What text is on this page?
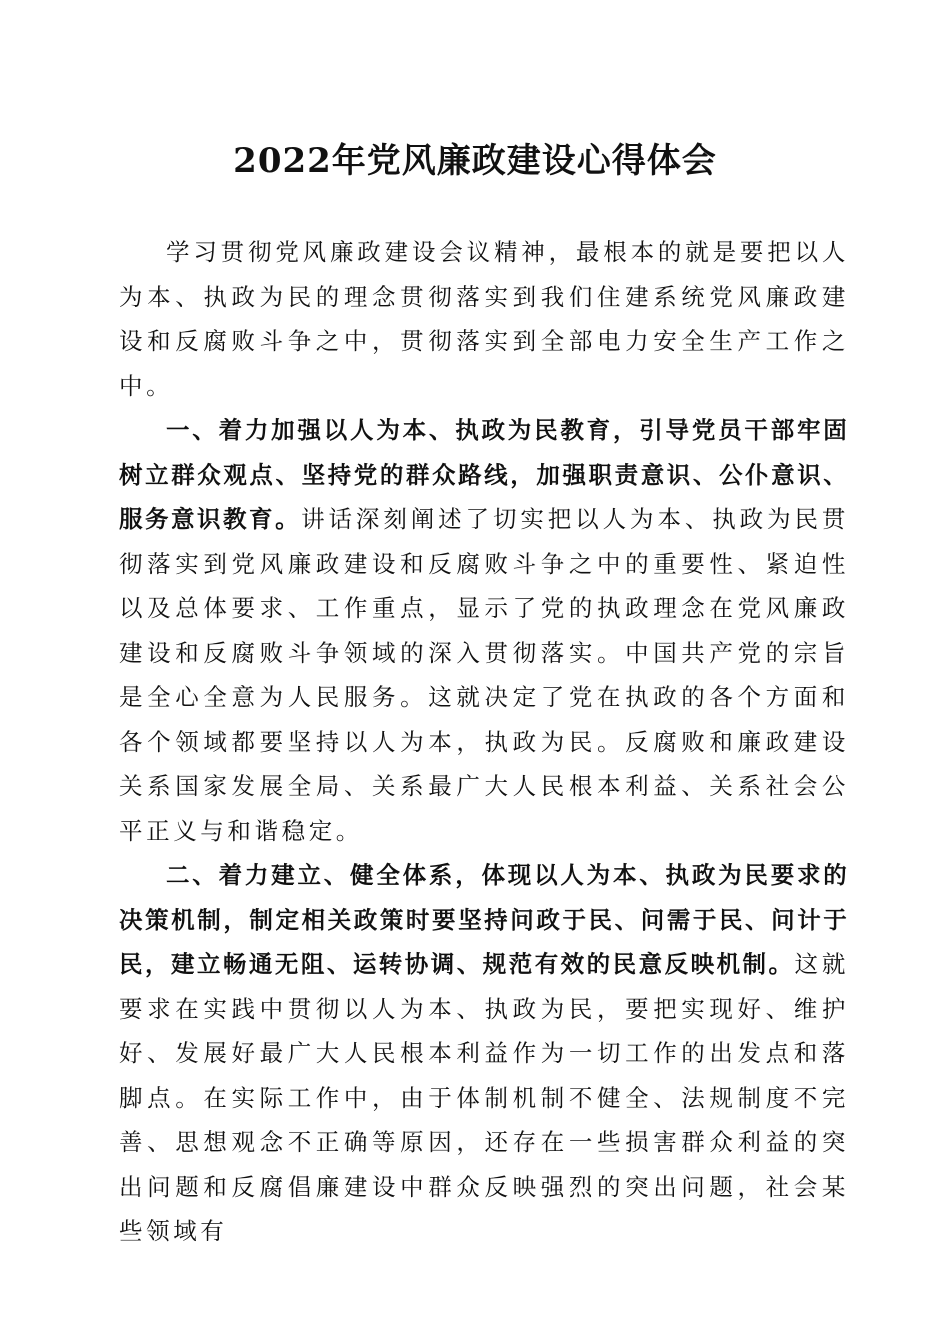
2022年党风廉政建设心得体会

学习贯彻党风廉政建设会议精神，最根本的就是要把以人为本、执政为民的理念贯彻落实到我们住建系统党风廉政建设和反腐败斗争之中，贯彻落实到全部电力安全生产工作之中。

一、着力加强以人为本、执政为民教育，引导党员干部牢固树立群众观点、坚持党的群众路线，加强职责意识、公仆意识、服务意识教育。讲话深刻阐述了切实把以人为本、执政为民贯彻落实到党风廉政建设和反腐败斗争之中的重要性、紧迫性以及总体要求、工作重点，显示了党的执政理念在党风廉政建设和反腐败斗争领域的深入贯彻落实。中国共产党的宗旨是全心全意为人民服务。这就决定了党在执政的各个方面和各个领域都要坚持以人为本，执政为民。反腐败和廉政建设关系国家发展全局、关系最广大人民根本利益、关系社会公平正义与和谐稳定。

二、着力建立、健全体系，体现以人为本、执政为民要求的决策机制，制定相关政策时要坚持问政于民、问需于民、问计于民，建立畅通无阻、运转协调、规范有效的民意反映机制。这就要求在实践中贯彻以人为本、执政为民，要把实现好、维护好、发展好最广大人民根本利益作为一切工作的出发点和落脚点。在实际工作中，由于体制机制不健全、法规制度不完善、思想观念不正确等原因，还存在一些损害群众利益的突出问题和反腐倡廉建设中群众反映强烈的突出问题，社会某些领域有
